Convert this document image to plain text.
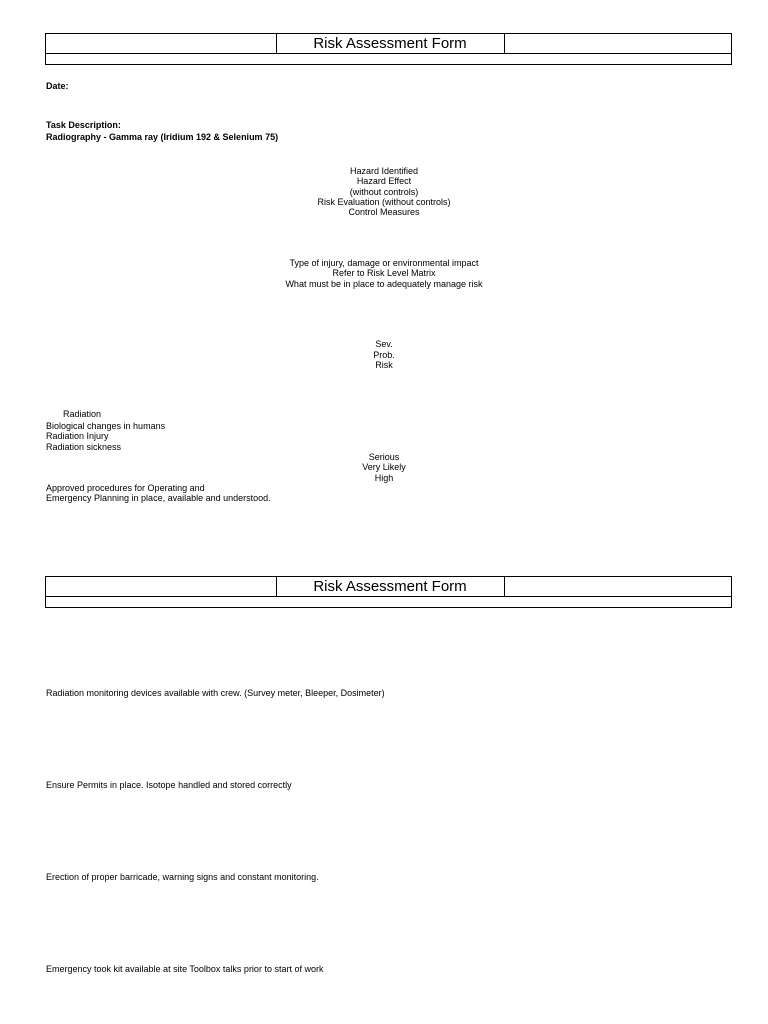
Risk Assessment Form
Date:
Task Description:
Radiography - Gamma ray (Iridium 192 & Selenium 75)
Hazard Identified
Hazard Effect
(without controls)
Risk Evaluation (without controls)
Control Measures
Type of injury, damage or environmental impact
Refer to Risk Level Matrix
What must be in place to adequately manage risk
Sev.
Prob.
Risk
Radiation
Biological changes in humans
Radiation Injury
Radiation sickness
Serious
Very Likely
High
Approved procedures for Operating and
Emergency Planning in place, available and understood.
Risk Assessment Form
Radiation monitoring devices available with crew. (Survey meter, Bleeper, Dosimeter)
Ensure Permits in place. Isotope handled and stored correctly
Erection of proper barricade, warning signs and constant monitoring.
Emergency took kit available at site Toolbox talks prior to start of work
